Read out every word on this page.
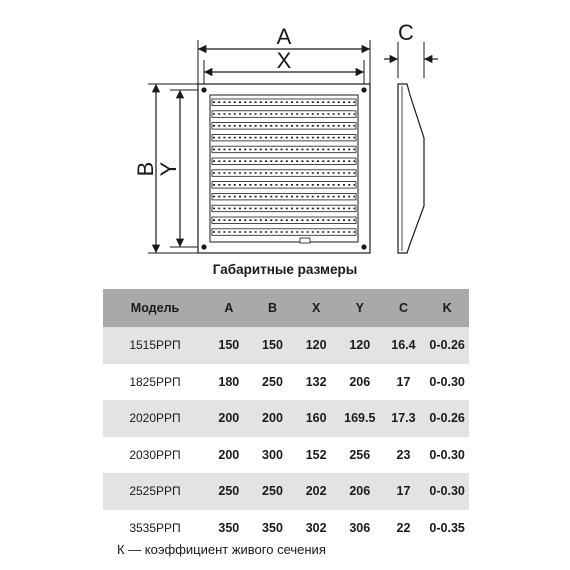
A
X
B
Y
C
Габаритные размеры
Модель	A	B	X	Y	C	K
1515РРП	150	150	120	120	16.4	0-0.26
1825РРП	180	250	132	206	17	0-0.30
2020РРП	200	200	160	169.5	17.3	0-0.26
2030РРП	200	300	152	256	23	0-0.30
2525РРП	250	250	202	206	17	0-0.30
3535РРП	350	350	302	306	22	0-0.35
К — коэффициент живого сечения
